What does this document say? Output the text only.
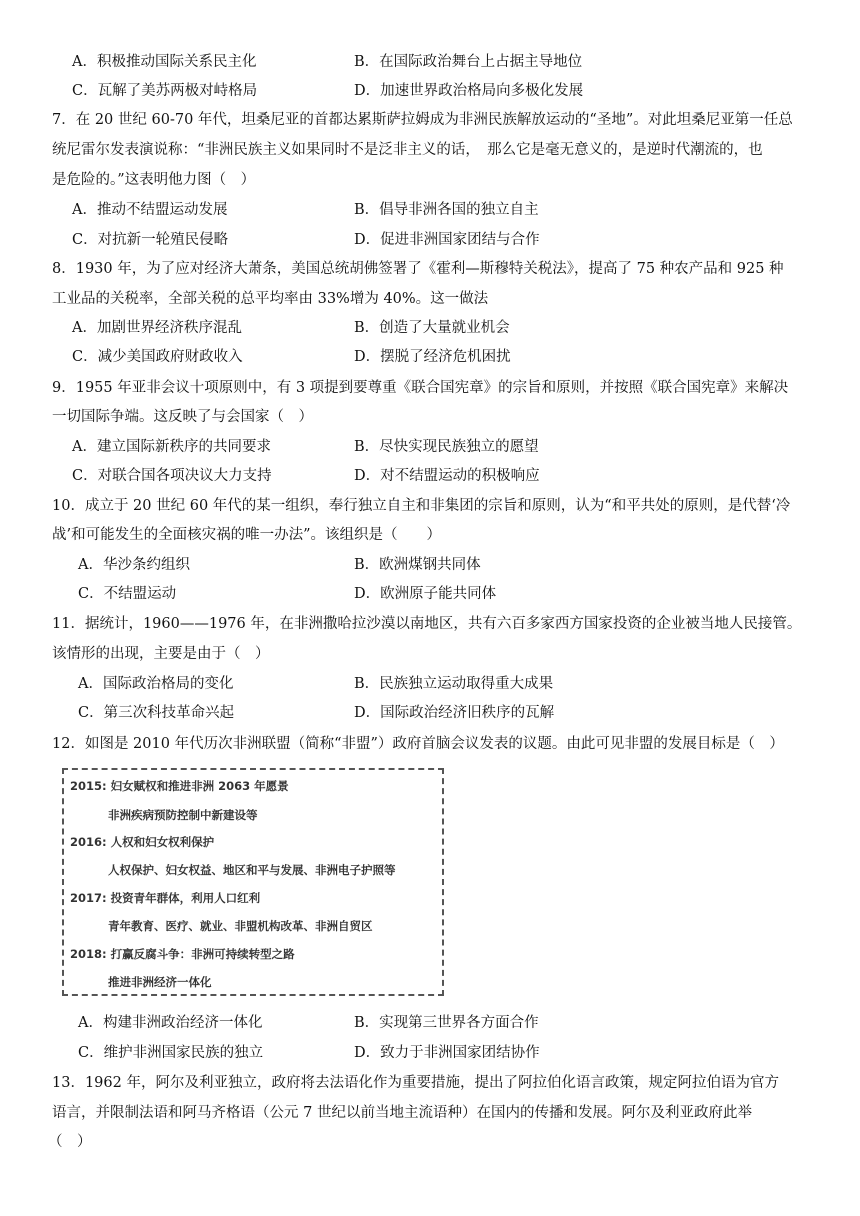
A．积极推动国际关系民主化	B．在国际政治舞台上占据主导地位
C．瓦解了美苏两极对峙格局	D．加速世界政治格局向多极化发展
7．在 20 世纪 60-70 年代，坦桑尼亚的首都达累斯萨拉姆成为非洲民族解放运动的“圣地”。对此坦桑尼亚第一任总
统尼雷尔发表演说称：“非洲民族主义如果同时不是泛非主义的话，　那么它是毫无意义的，是逆时代潮流的，也
是危险的。”这表明他力图（　）
A．推动不结盟运动发展	B．倡导非洲各国的独立自主
C．对抗新一轮殖民侵略	D．促进非洲国家团结与合作
8．1930 年，为了应对经济大萧条，美国总统胡佛签署了《霍利—斯穆特关税法》，提高了 75 种农产品和 925 种
工业品的关税率，全部关税的总平均率由 33%增为 40%。这一做法
A．加剧世界经济秩序混乱	B．创造了大量就业机会
C．减少美国政府财政收入	D．摆脱了经济危机困扰
9．1955 年亚非会议十项原则中，有 3 项提到要尊重《联合国宪章》的宗旨和原则，并按照《联合国宪章》来解决
一切国际争端。这反映了与会国家（　）
A．建立国际新秩序的共同要求	B．尽快实现民族独立的愿望
C．对联合国各项决议大力支持	D．对不结盟运动的积极响应
10．成立于 20 世纪 60 年代的某一组织，奉行独立自主和非集团的宗旨和原则，认为“和平共处的原则，是代替‘冷
战’和可能发生的全面核灾祸的唯一办法”。该组织是（　　）
A．华沙条约组织	B．欧洲煤钢共同体
C．不结盟运动	D．欧洲原子能共同体
11．据统计，1960——1976 年，在非洲撒哈拉沙漠以南地区，共有六百多家西方国家投资的企业被当地人民接管。
该情形的出现，主要是由于（　）
A．国际政治格局的变化	B．民族独立运动取得重大成果
C．第三次科技革命兴起	D．国际政治经济旧秩序的瓦解
12．如图是 2010 年代历次非洲联盟（简称“非盟”）政府首脑会议发表的议题。由此可见非盟的发展目标是（　）
2015: 妇女赋权和推进非洲 2063 年愿景
非洲疾病预防控制中新建设等
2016: 人权和妇女权利保护
人权保护、妇女权益、地区和平与发展、非洲电子护照等
2017: 投资青年群体，利用人口红利
青年教育、医疗、就业、非盟机构改革、非洲自贸区
2018: 打赢反腐斗争：非洲可持续转型之路
推进非洲经济一体化
A．构建非洲政治经济一体化	B．实现第三世界各方面合作
C．维护非洲国家民族的独立	D．致力于非洲国家团结协作
13．1962 年，阿尔及利亚独立，政府将去法语化作为重要措施，提出了阿拉伯化语言政策，规定阿拉伯语为官方
语言，并限制法语和阿马齐格语（公元 7 世纪以前当地主流语种）在国内的传播和发展。阿尔及利亚政府此举
（　）
